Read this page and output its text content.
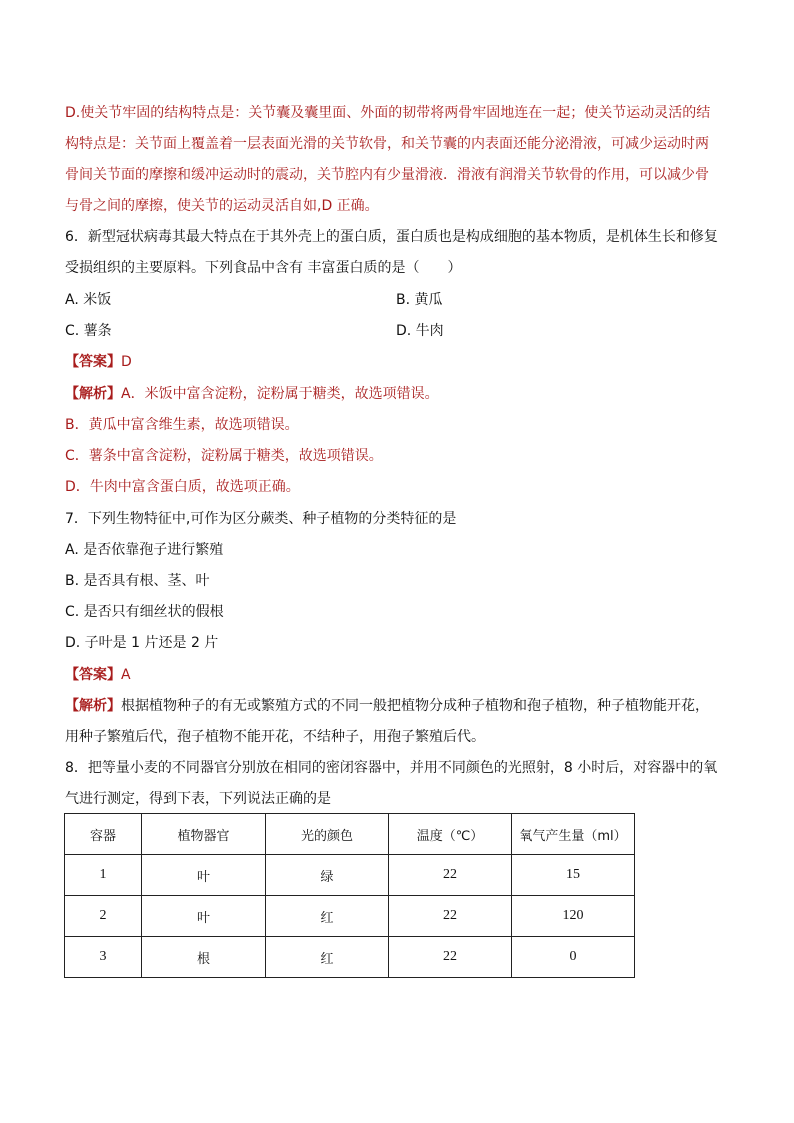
D.使关节牢固的结构特点是：关节囊及囊里面、外面的韧带将两骨牢固地连在一起；使关节运动灵活的结
构特点是：关节面上覆盖着一层表面光滑的关节软骨，和关节囊的内表面还能分泌滑液，可减少运动时两
骨间关节面的摩擦和缓冲运动时的震动，关节腔内有少量滑液．滑液有润滑关节软骨的作用，可以减少骨
与骨之间的摩擦，使关节的运动灵活自如,D 正确。
6．新型冠状病毒其最大特点在于其外壳上的蛋白质，蛋白质也是构成细胞的基本物质，是机体生长和修复
受损组织的主要原料。下列食品中含有 丰富蛋白质的是（　　）
A. 米饭	B. 黄瓜
C. 薯条	D. 牛肉
【答案】D
【解析】A．米饭中富含淀粉，淀粉属于糖类，故选项错误。
B．黄瓜中富含维生素，故选项错误。
C．薯条中富含淀粉，淀粉属于糖类，故选项错误。
D．牛肉中富含蛋白质，故选项正确。
7．下列生物特征中,可作为区分蕨类、种子植物的分类特征的是
A. 是否依靠孢子进行繁殖
B. 是否具有根、茎、叶
C. 是否只有细丝状的假根
D. 子叶是 1 片还是 2 片
【答案】A
【解析】根据植物种子的有无或繁殖方式的不同一般把植物分成种子植物和孢子植物，种子植物能开花，
用种子繁殖后代，孢子植物不能开花，不结种子，用孢子繁殖后代。
8．把等量小麦的不同器官分别放在相同的密闭容器中，并用不同颜色的光照射，8 小时后，对容器中的氧
气进行测定，得到下表，下列说法正确的是
容器	植物器官	光的颜色	温度（℃）	氧气产生量（ml）
1	叶	绿	22	15
2	叶	红	22	120
3	根	红	22	0
